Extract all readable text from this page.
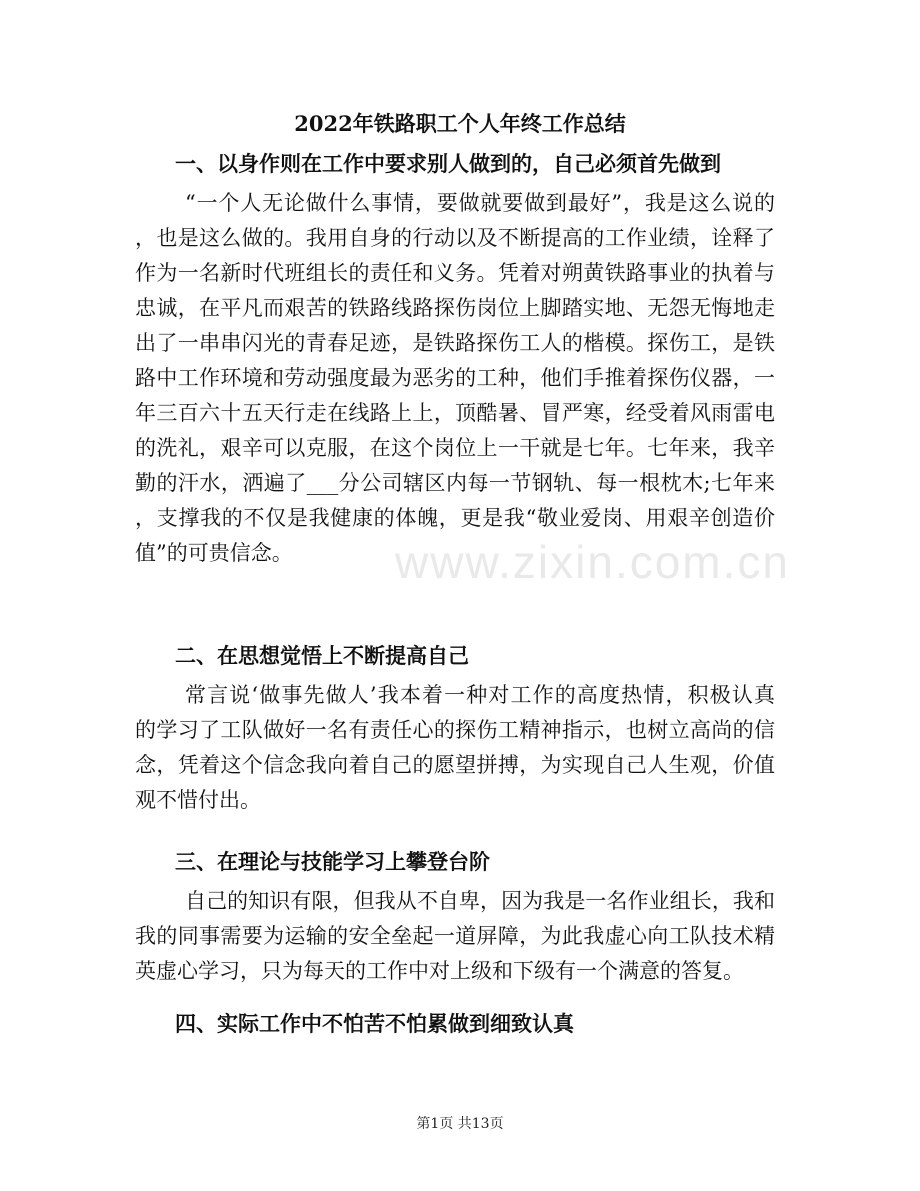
www.zixin.com.cn
2022年铁路职工个人年终工作总结
一、以身作则在工作中要求别人做到的，自己必须首先做到
“一个人无论做什么事情，要做就要做到最好”，我是这么说的
，也是这么做的。我用自身的行动以及不断提高的工作业绩，诠释了
作为一名新时代班组长的责任和义务。凭着对朔黄铁路事业的执着与
忠诚，在平凡而艰苦的铁路线路探伤岗位上脚踏实地、无怨无悔地走
出了一串串闪光的青春足迹，是铁路探伤工人的楷模。探伤工，是铁
路中工作环境和劳动强度最为恶劣的工种，他们手推着探伤仪器，一
年三百六十五天行走在线路上上，顶酷暑、冒严寒，经受着风雨雷电
的洗礼，艰辛可以克服，在这个岗位上一干就是七年。七年来，我辛
勤的汗水，洒遍了___分公司辖区内每一节钢轨、每一根枕木;七年来
，支撑我的不仅是我健康的体魄，更是我“敬业爱岗、用艰辛创造价
值”的可贵信念。
二、在思想觉悟上不断提高自己
常言说‘做事先做人’我本着一种对工作的高度热情，积极认真
的学习了工队做好一名有责任心的探伤工精神指示，也树立高尚的信
念，凭着这个信念我向着自己的愿望拼搏，为实现自己人生观，价值
观不惜付出。
三、在理论与技能学习上攀登台阶
自己的知识有限，但我从不自卑，因为我是一名作业组长，我和
我的同事需要为运输的安全垒起一道屏障，为此我虚心向工队技术精
英虚心学习，只为每天的工作中对上级和下级有一个满意的答复。
四、实际工作中不怕苦不怕累做到细致认真
第1页 共13页
